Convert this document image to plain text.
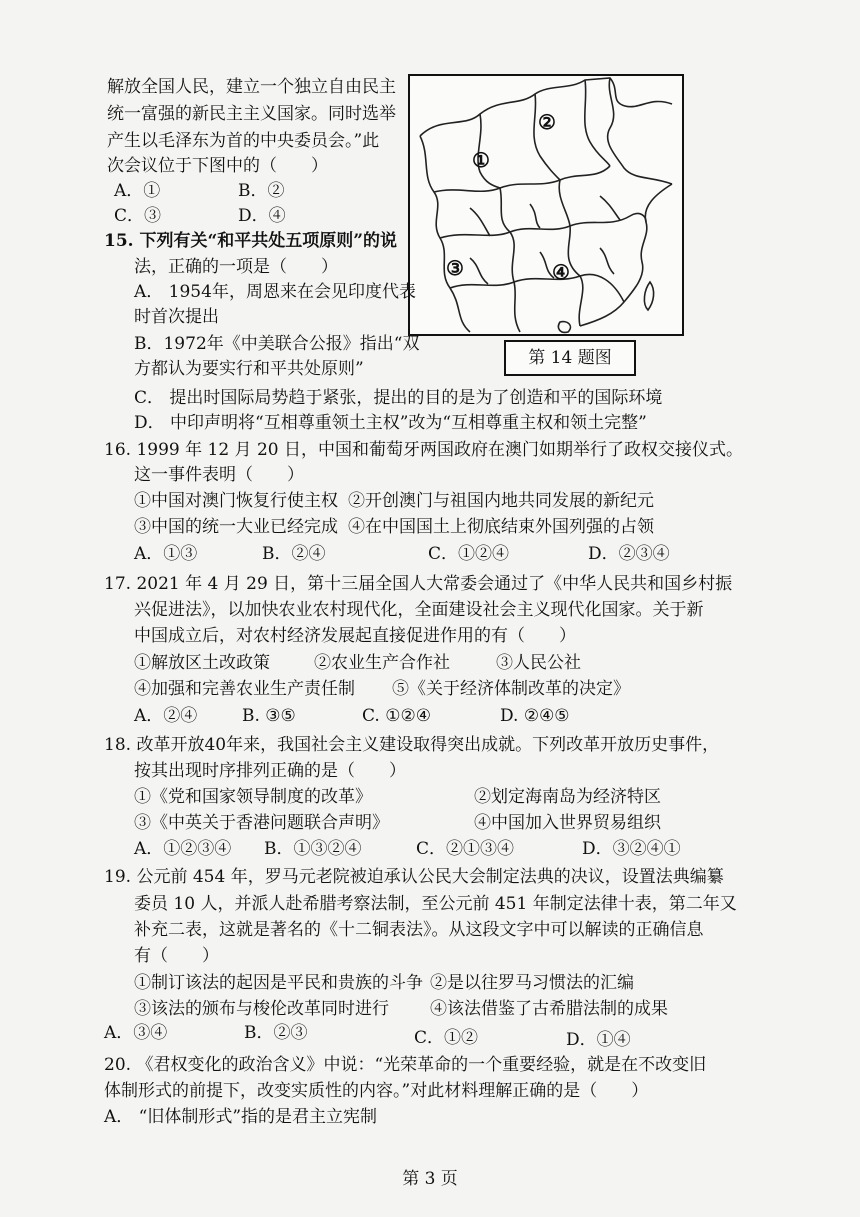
解放全国人民，建立一个独立自由民主
统一富强的新民主主义国家。同时选举
产生以毛泽东为首的中央委员会。”此
次会议位于下图中的（　　）
A．①	B．②
C．③	D．④
②
①
③	④
第 14 题图
15. 下列有关“和平共处五项原则”的说
法，正确的一项是（　　）
A． 1954年，周恩来在会见印度代表
时首次提出
B．1972年《中美联合公报》指出“双
方都认为要实行和平共处原则”
C． 提出时国际局势趋于紧张，提出的目的是为了创造和平的国际环境
D． 中印声明将“互相尊重领土主权”改为“互相尊重主权和领土完整”
16. 1999 年 12 月 20 日，中国和葡萄牙两国政府在澳门如期举行了政权交接仪式。
这一事件表明（　　）
①中国对澳门恢复行使主权 ②开创澳门与祖国内地共同发展的新纪元
③中国的统一大业已经完成 ④在中国国土上彻底结束外国列强的占领
A．①③	B．②④	C．①②④	D．②③④
17. 2021 年 4 月 29 日，第十三届全国人大常委会通过了《中华人民共和国乡村振
兴促进法》，以加快农业农村现代化，全面建设社会主义现代化国家。关于新
中国成立后，对农村经济发展起直接促进作用的有（　　）
①解放区土改政策	②农业生产合作社	③人民公社
④加强和完善农业生产责任制 ⑤《关于经济体制改革的决定》
A．②④	B. ③⑤	C. ①②④	D. ②④⑤
18. 改革开放40年来，我国社会主义建设取得突出成就。下列改革开放历史事件，
按其出现时序排列正确的是（　　）
①《党和国家领导制度的改革》	②划定海南岛为经济特区
③《中英关于香港问题联合声明》	④中国加入世界贸易组织
A．①②③④ B．①③②④	C．②①③④	D．③②④①
19. 公元前 454 年，罗马元老院被迫承认公民大会制定法典的决议，设置法典编纂
委员 10 人，并派人赴希腊考察法制，至公元前 451 年制定法律十表，第二年又
补充二表，这就是著名的《十二铜表法》。从这段文字中可以解读的正确信息
有（　　）
①制订该法的起因是平民和贵族的斗争 ②是以往罗马习惯法的汇编
③该法的颁布与梭伦改革同时进行 ④该法借鉴了古希腊法制的成果
A．③④	B．②③	C．①②	D．①④
20. 《君权变化的政治含义》中说：“光荣革命的一个重要经验，就是在不改变旧
体制形式的前提下，改变实质性的内容。”对此材料理解正确的是（　　）
A． “旧体制形式”指的是君主立宪制
第 3 页
